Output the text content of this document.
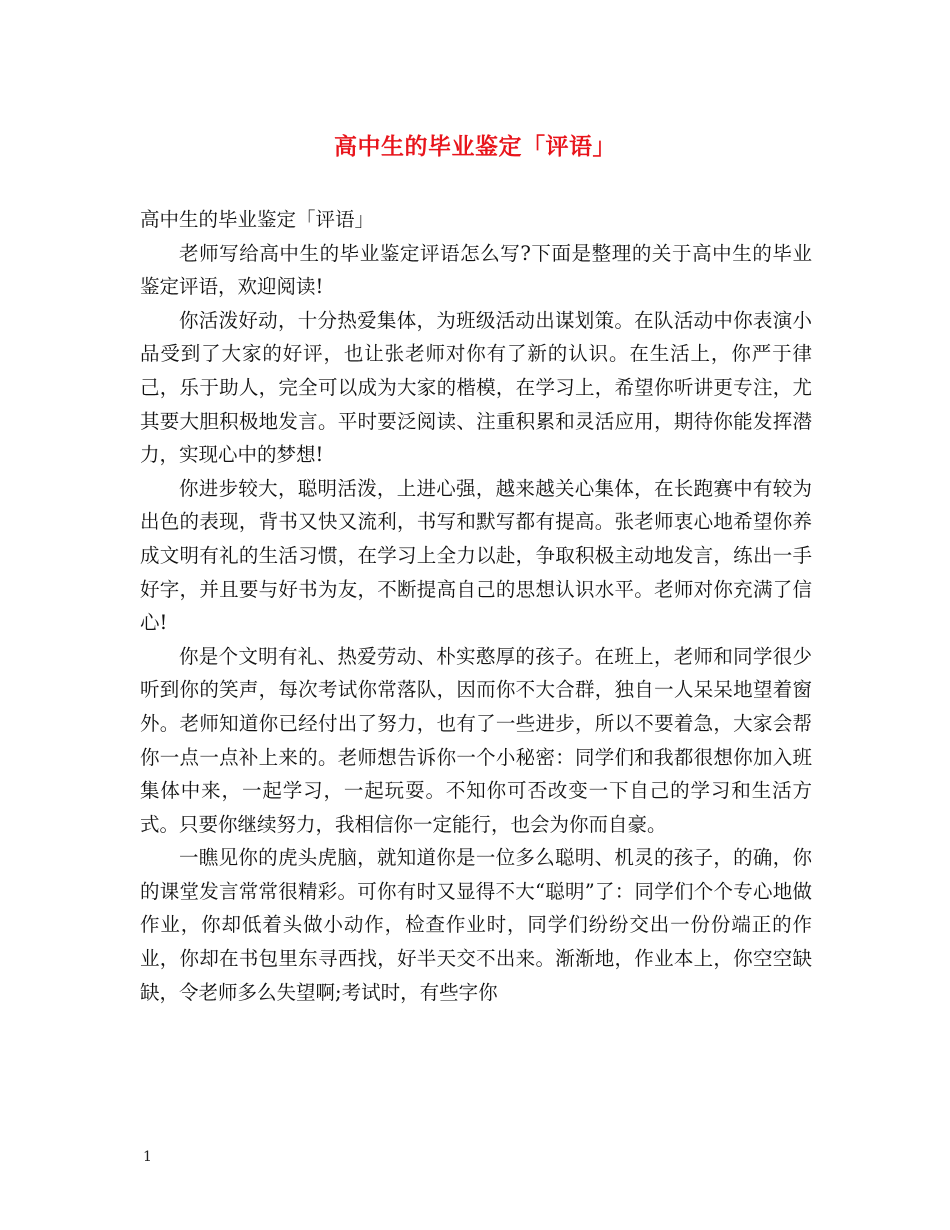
高中生的毕业鉴定「评语」

高中生的毕业鉴定「评语」

老师写给高中生的毕业鉴定评语怎么写?下面是整理的关于高中生的毕业鉴定评语，欢迎阅读!

你活泼好动，十分热爱集体，为班级活动出谋划策。在队活动中你表演小品受到了大家的好评，也让张老师对你有了新的认识。在生活上，你严于律己，乐于助人，完全可以成为大家的楷模，在学习上，希望你听讲更专注，尤其要大胆积极地发言。平时要泛阅读、注重积累和灵活应用，期待你能发挥潜力，实现心中的梦想!

你进步较大，聪明活泼，上进心强，越来越关心集体，在长跑赛中有较为出色的表现，背书又快又流利，书写和默写都有提高。张老师衷心地希望你养成文明有礼的生活习惯，在学习上全力以赴，争取积极主动地发言，练出一手好字，并且要与好书为友，不断提高自己的思想认识水平。老师对你充满了信心!

你是个文明有礼、热爱劳动、朴实憨厚的孩子。在班上，老师和同学很少听到你的笑声，每次考试你常落队，因而你不大合群，独自一人呆呆地望着窗外。老师知道你已经付出了努力，也有了一些进步，所以不要着急，大家会帮你一点一点补上来的。老师想告诉你一个小秘密：同学们和我都很想你加入班集体中来，一起学习，一起玩耍。不知你可否改变一下自己的学习和生活方式。只要你继续努力，我相信你一定能行，也会为你而自豪。

一瞧见你的虎头虎脑，就知道你是一位多么聪明、机灵的孩子，的确，你的课堂发言常常很精彩。可你有时又显得不大“聪明”了：同学们个个专心地做作业，你却低着头做小动作，检查作业时，同学们纷纷交出一份份端正的作业，你却在书包里东寻西找，好半天交不出来。渐渐地，作业本上，你空空缺缺，令老师多么失望啊;考试时，有些字你

1
